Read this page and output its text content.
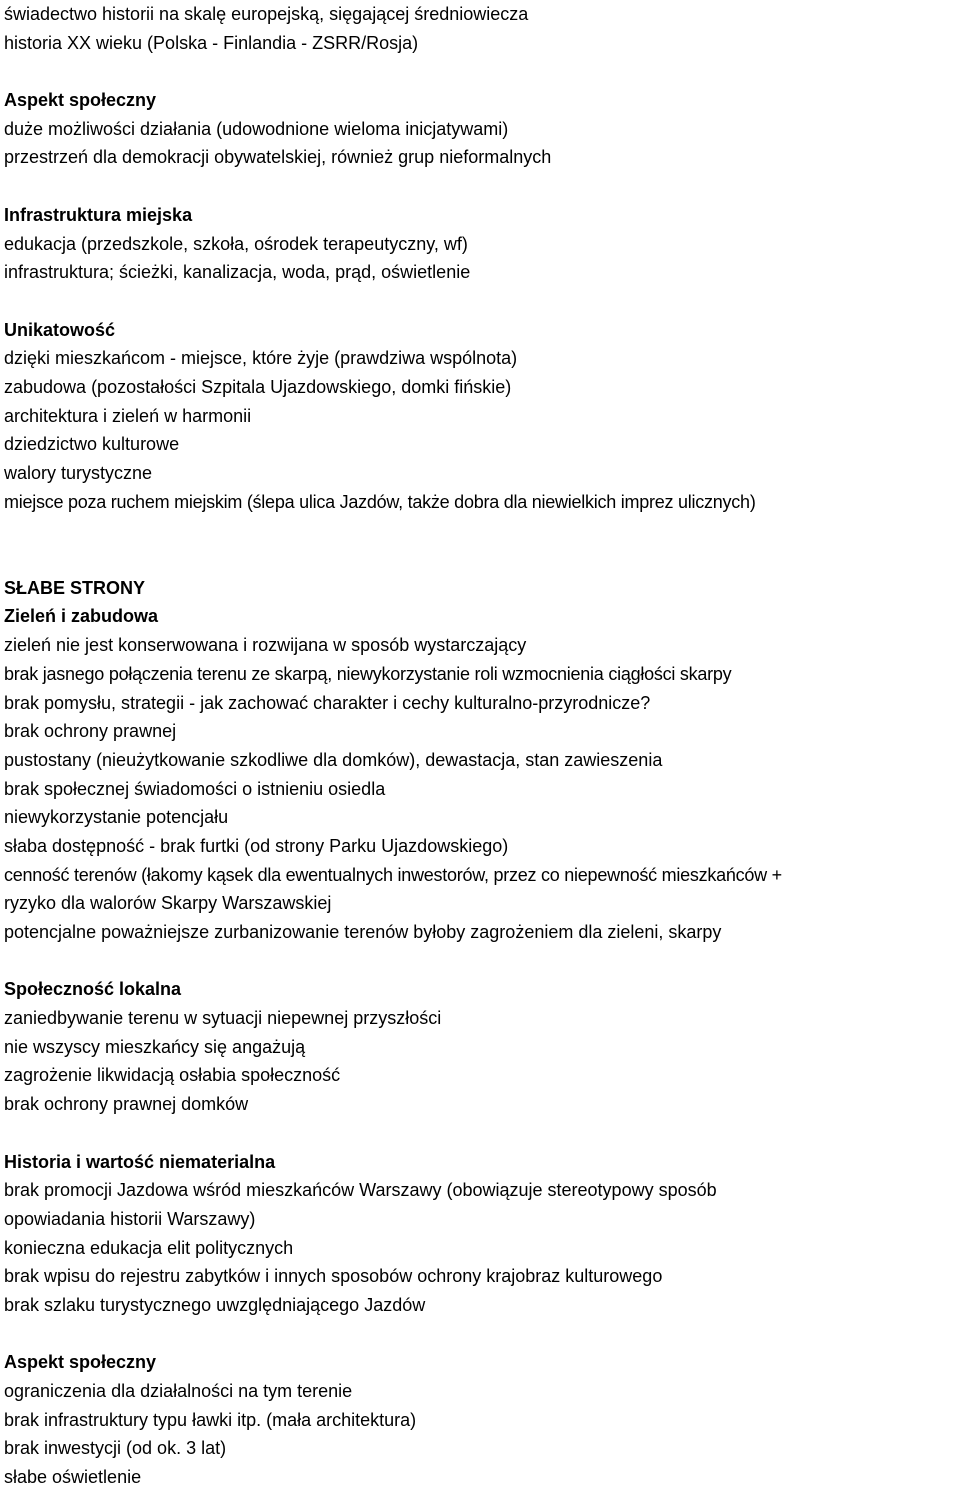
świadectwo historii na skalę europejską, sięgającej średniowiecza
historia XX wieku (Polska - Finlandia - ZSRR/Rosja)
Aspekt społeczny
duże możliwości działania (udowodnione wieloma inicjatywami)
przestrzeń dla demokracji obywatelskiej, również grup nieformalnych
Infrastruktura miejska
edukacja (przedszkole, szkoła, ośrodek terapeutyczny, wf)
infrastruktura; ścieżki, kanalizacja, woda, prąd, oświetlenie
Unikatowość
dzięki mieszkańcom - miejsce, które żyje (prawdziwa wspólnota)
zabudowa (pozostałości Szpitala Ujazdowskiego, domki fińskie)
architektura i zieleń w harmonii
dziedzictwo kulturowe
walory turystyczne
miejsce poza ruchem miejskim (ślepa ulica Jazdów, także dobra dla niewielkich imprez ulicznych)
SŁABE STRONY
Zieleń i zabudowa
zieleń nie jest konserwowana i rozwijana w sposób wystarczający
brak jasnego połączenia terenu ze skarpą, niewykorzystanie roli wzmocnienia ciągłości skarpy
brak pomysłu, strategii - jak zachować charakter i cechy kulturalno-przyrodnicze?
brak ochrony prawnej
pustostany (nieużytkowanie szkodliwe dla domków), dewastacja, stan zawieszenia
brak społecznej świadomości o istnieniu osiedla
niewykorzystanie potencjału
słaba dostępność - brak furtki (od strony Parku Ujazdowskiego)
cenność terenów (łakomy kąsek dla ewentualnych inwestorów, przez co niepewność mieszkańców +
ryzyko dla walorów Skarpy Warszawskiej
potencjalne poważniejsze zurbanizowanie terenów byłoby zagrożeniem dla zieleni, skarpy
Społeczność lokalna
zaniedbywanie terenu w sytuacji niepewnej przyszłości
nie wszyscy mieszkańcy się angażują
zagrożenie likwidacją osłabia społeczność
brak ochrony prawnej domków
Historia i wartość niematerialna
brak promocji Jazdowa wśród mieszkańców Warszawy (obowiązuje stereotypowy sposób
opowiadania historii Warszawy)
konieczna edukacja elit politycznych
brak wpisu do rejestru zabytków i innych sposobów ochrony krajobraz kulturowego
brak szlaku turystycznego uwzględniającego Jazdów
Aspekt społeczny
ograniczenia dla działalności na tym terenie
brak infrastruktury typu ławki itp. (mała architektura)
brak inwestycji (od ok. 3 lat)
słabe oświetlenie
